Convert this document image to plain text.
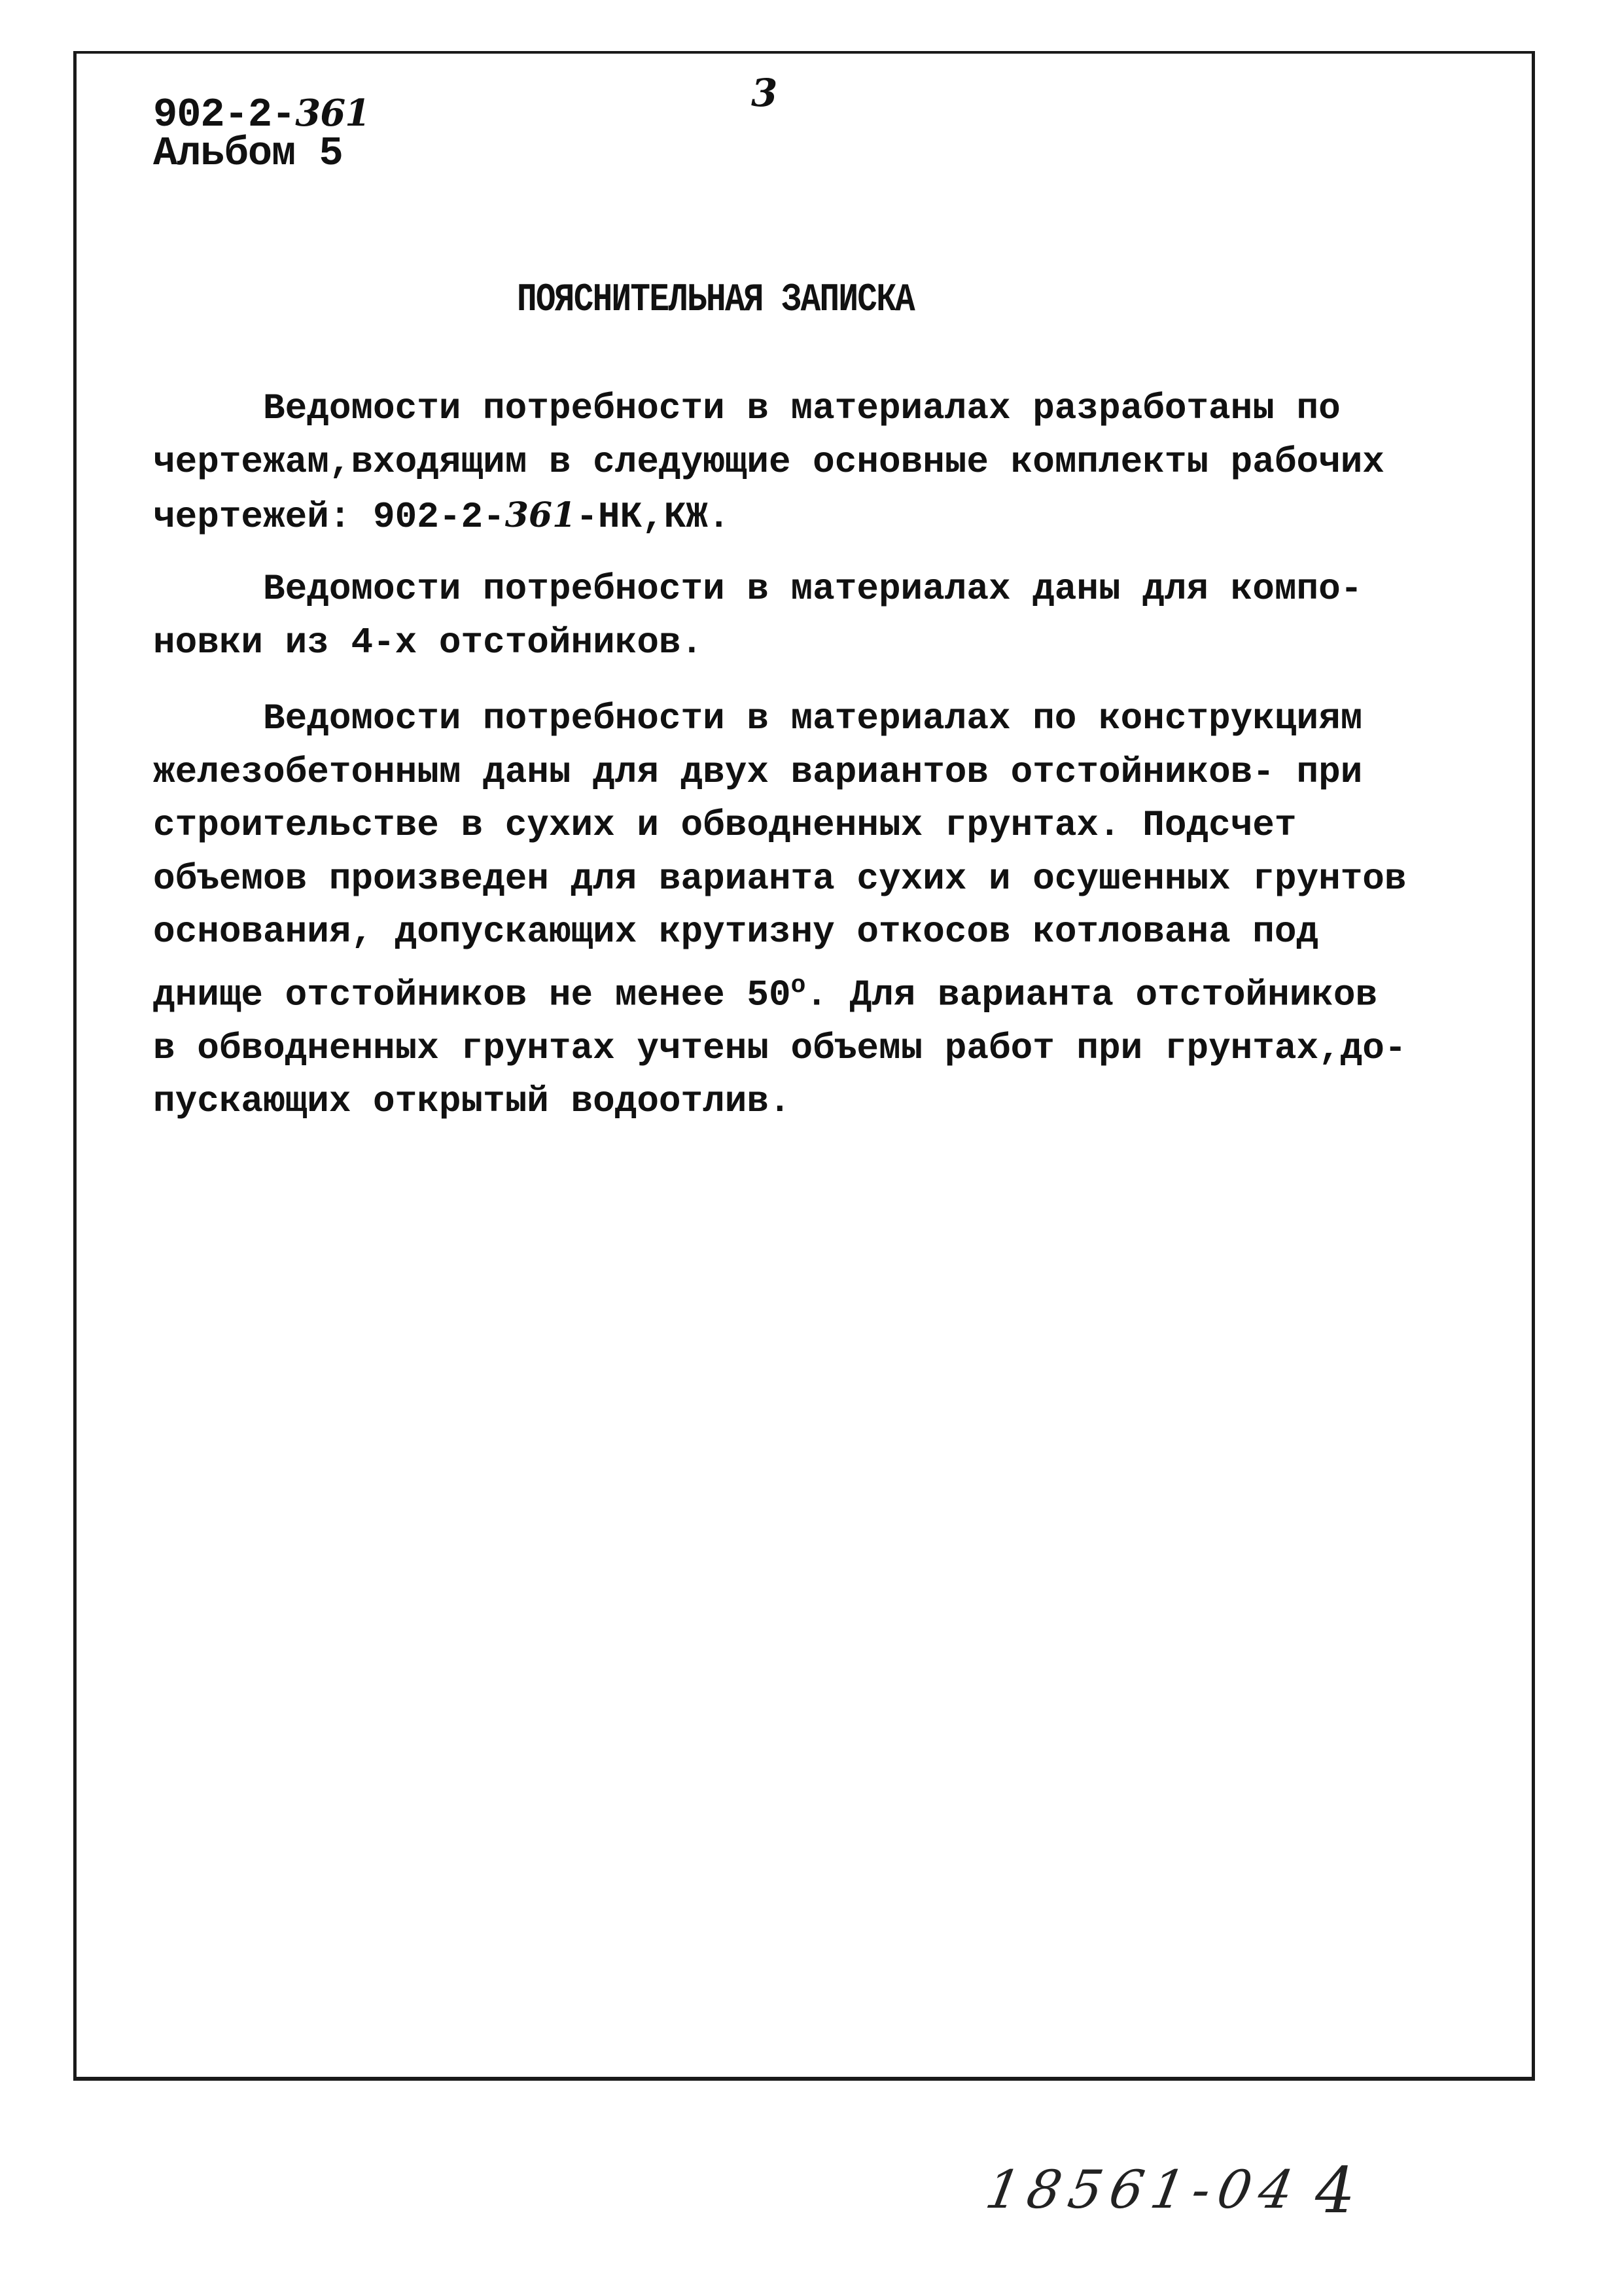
902-2-361
Альбом 5
3
ПОЯСНИТЕЛЬНАЯ ЗАПИСКА
Ведомости потребности в материалах разработаны по
чертежам,входящим в следующие основные комплекты рабочих
чертежей: 902-2-361-НК,КЖ.
Ведомости потребности в материалах даны для компо-
новки из 4-х отстойников.
Ведомости потребности в материалах по конструкциям
железобетонным даны для двух вариантов отстойников- при
строительстве в сухих и обводненных грунтах. Подсчет
объемов произведен для варианта сухих и осушенных грунтов
основания, допускающих крутизну откосов котлована под
днище отстойников не менее $50^о$. Для варианта отстойников
в обводненных грунтах учтены объемы работ при грунтах,до-
пускающих открытый водоотлив.
18561-04 4
